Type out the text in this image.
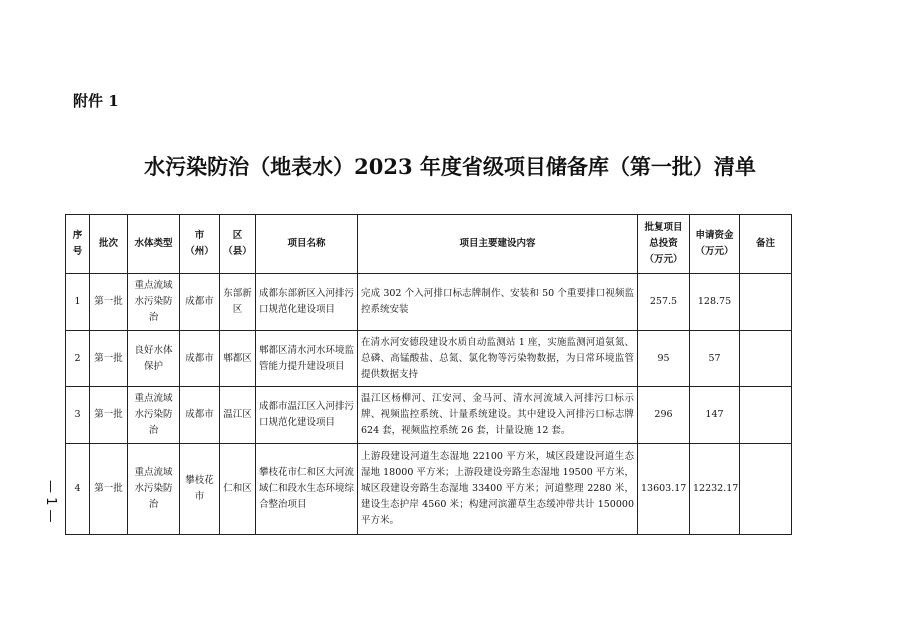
附件 1
水污染防治（地表水）2023 年度省级项目储备库（第一批）清单
序号	批次	水体类型	市（州）	区（县）	项目名称	项目主要建设内容	批复项目总投资（万元）	申请资金（万元）	备注
1	第一批	重点流域水污染防治	成都市	东部新区	成都东部新区入河排污口规范化建设项目	完成 302 个入河排口标志牌制作、安装和 50 个重要排口视频监控系统安装	257.5	128.75	
2	第一批	良好水体保护	成都市	郫都区	郫都区清水河水环境监管能力提升建设项目	在清水河安德段建设水质自动监测站 1 座，实施监测河道氨氮、总磷、高锰酸盐、总氮、氯化物等污染物数据，为日常环境监管提供数据支持	95	57	
3	第一批	重点流域水污染防治	成都市	温江区	成都市温江区入河排污口规范化建设项目	温江区杨柳河、江安河、金马河、清水河流域入河排污口标示牌、视频监控系统、计量系统建设。其中建设入河排污口标志牌 624 套，视频监控系统 26 套，计量设施 12 套。	296	147	
4	第一批	重点流域水污染防治	攀枝花市	仁和区	攀枝花市仁和区大河流域仁和段水生态环境综合整治项目	上游段建设河道生态湿地 22100 平方米，城区段建设河道生态湿地 18000 平方米；上游段建设旁路生态湿地 19500 平方米，城区段建设旁路生态湿地 33400 平方米；河道整理 2280 米，建设生态护岸 4560 米；构建河滨灌草生态缓冲带共计 150000 平方米。	13603.17	12232.17	
— 1 —
